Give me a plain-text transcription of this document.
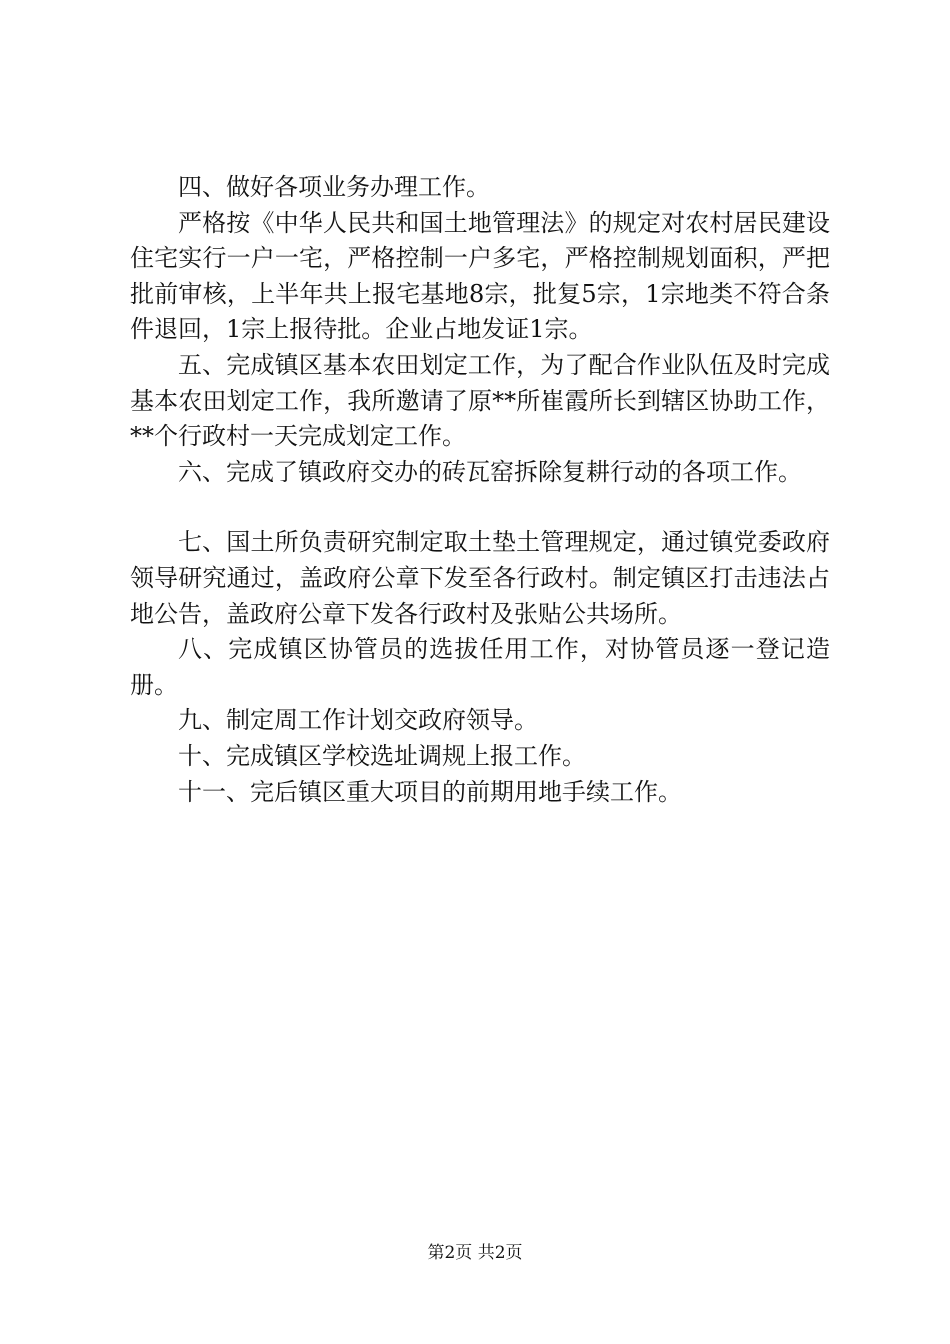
四、做好各项业务办理工作。

严格按《中华人民共和国土地管理法》的规定对农村居民建设住宅实行一户一宅，严格控制一户多宅，严格控制规划面积，严把批前审核，上半年共上报宅基地8宗，批复5宗，1宗地类不符合条件退回，1宗上报待批。企业占地发证1宗。

五、完成镇区基本农田划定工作，为了配合作业队伍及时完成基本农田划定工作，我所邀请了原**所崔霞所长到辖区协助工作，**个行政村一天完成划定工作。

六、完成了镇政府交办的砖瓦窑拆除复耕行动的各项工作。

七、国土所负责研究制定取土垫土管理规定，通过镇党委政府领导研究通过，盖政府公章下发至各行政村。制定镇区打击违法占地公告，盖政府公章下发各行政村及张贴公共场所。

八、完成镇区协管员的选拔任用工作，对协管员逐一登记造册。

九、制定周工作计划交政府领导。

十、完成镇区学校选址调规上报工作。

十一、完后镇区重大项目的前期用地手续工作。

第2页 共2页
